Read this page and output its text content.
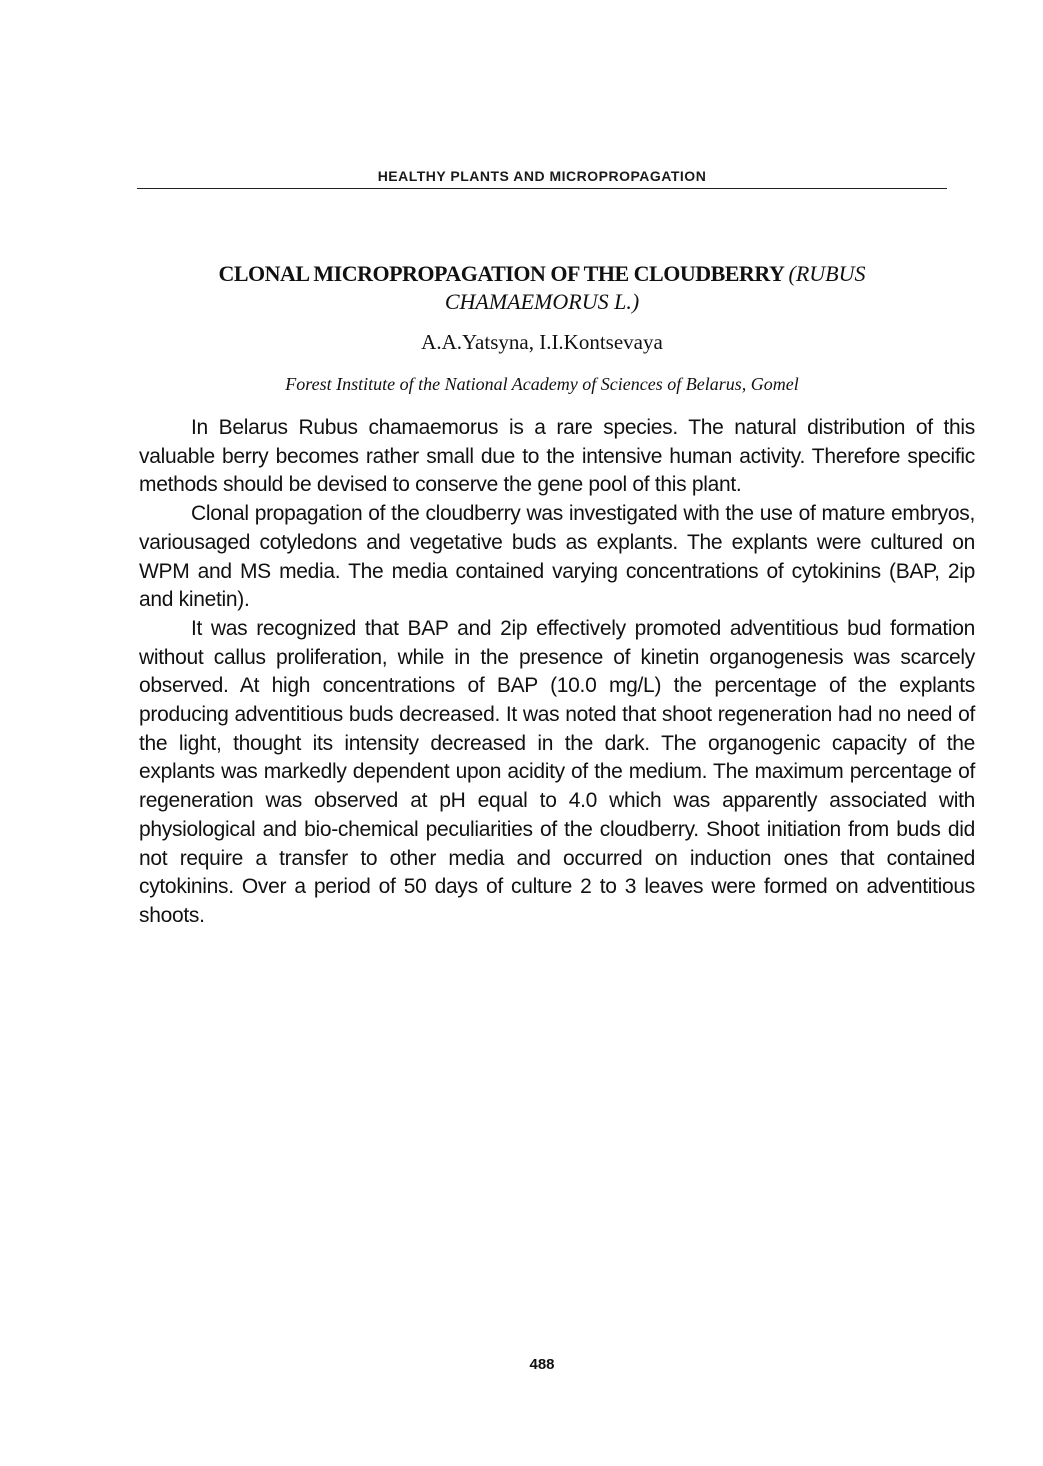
HEALTHY PLANTS AND MICROPROPAGATION
CLONAL MICROPROPAGATION OF THE CLOUDBERRY (RUBUS CHAMAEMORUS L.)
A.A.Yatsyna, I.I.Kontsevaya
Forest Institute of the National Academy of Sciences of Belarus, Gomel

In Belarus Rubus chamaemorus is a rare species. The natural distribution of this valuable berry becomes rather small due to the intensive human activity. Therefore specific methods should be devised to conserve the gene pool of this plant.

Clonal propagation of the cloudberry was investigated with the use of mature embryos, variousaged cotyledons and vegetative buds as explants. The explants were cultured on WPM and MS media. The media contained varying concentrations of cytokinins (BAP, 2ip and kinetin).

It was recognized that BAP and 2ip effectively promoted adventitious bud formation without callus proliferation, while in the presence of kinetin organogenesis was scarcely observed. At high concentrations of BAP (10.0 mg/L) the percentage of the explants producing adventitious buds decreased. It was noted that shoot regeneration had no need of the light, thought its intensity decreased in the dark. The organogenic capacity of the explants was markedly dependent upon acidity of the medium. The maximum percentage of regeneration was observed at pH equal to 4.0 which was apparently associated with physiological and bio-chemical peculiarities of the cloudberry. Shoot initiation from buds did not require a transfer to other media and occurred on induction ones that contained cytokinins. Over a period of 50 days of culture 2 to 3 leaves were formed on adventitious shoots.

488
